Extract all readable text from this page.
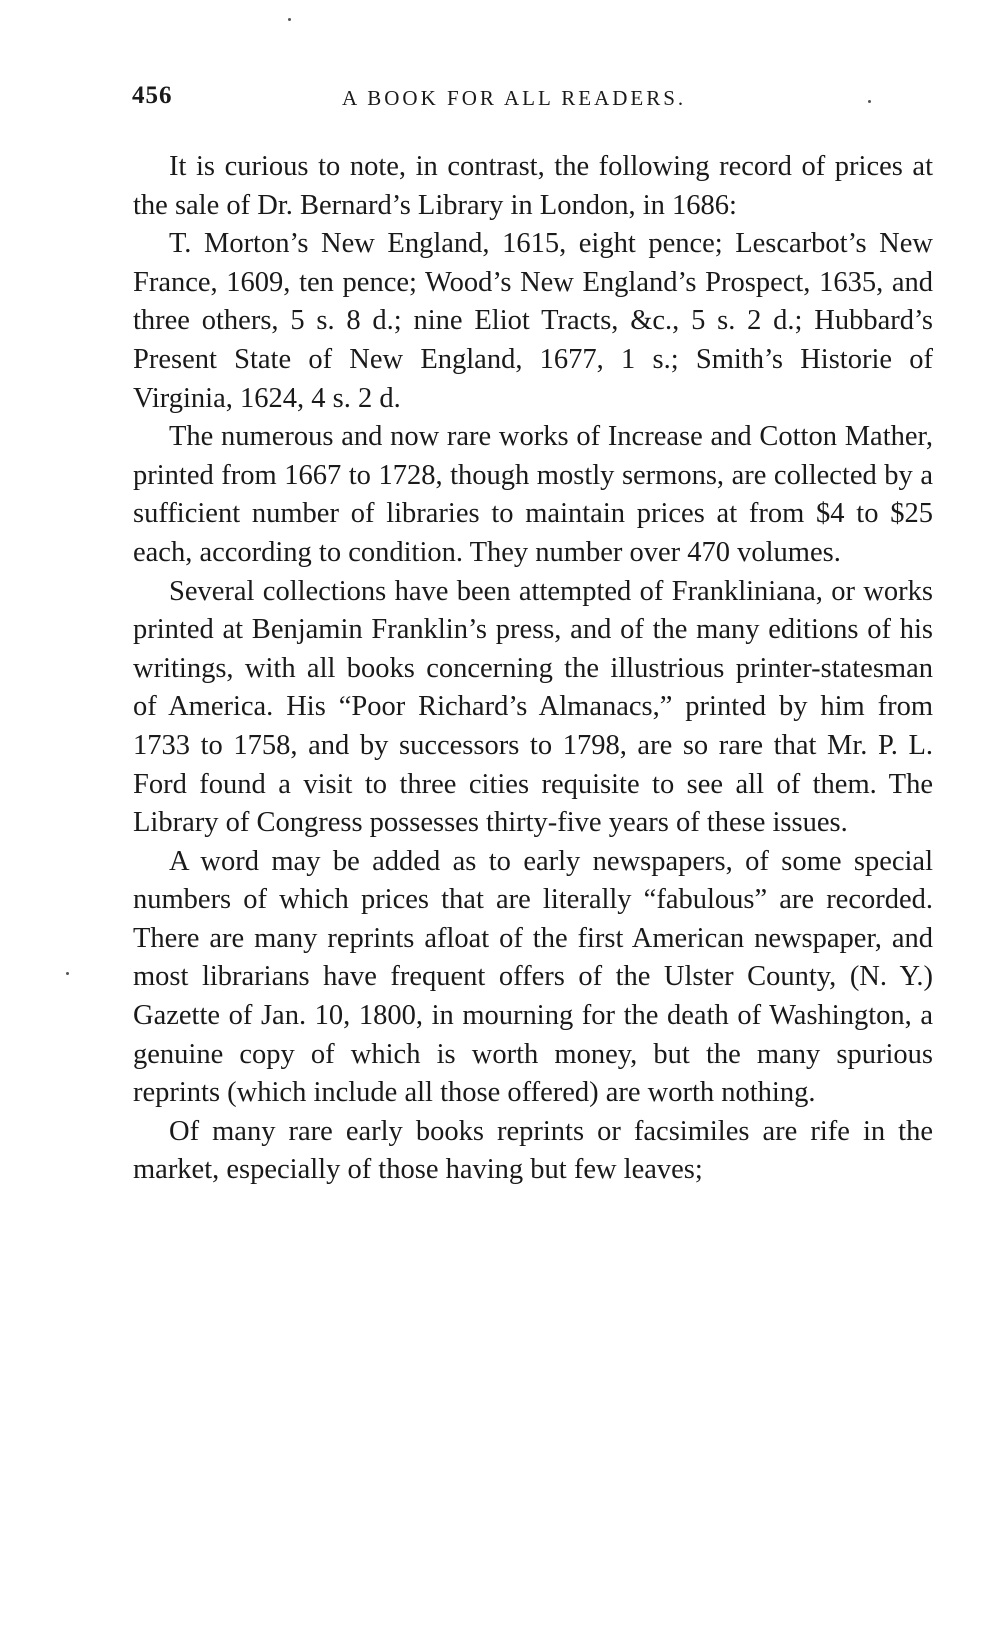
456	A BOOK FOR ALL READERS.

It is curious to note, in contrast, the following record of prices at the sale of Dr. Bernard’s Library in London, in 1686:

T. Morton’s New England, 1615, eight pence; Lescarbot’s New France, 1609, ten pence; Wood’s New England’s Prospect, 1635, and three others, 5 s. 8 d.; nine Eliot Tracts, &c., 5 s. 2 d.; Hubbard’s Present State of New England, 1677, 1 s.; Smith’s Historie of Virginia, 1624, 4 s. 2 d.

The numerous and now rare works of Increase and Cotton Mather, printed from 1667 to 1728, though mostly sermons, are collected by a sufficient number of libraries to maintain prices at from $4 to $25 each, according to condition. They number over 470 volumes.

Several collections have been attempted of Frankliniana, or works printed at Benjamin Franklin’s press, and of the many editions of his writings, with all books concerning the illustrious printer-statesman of America. His “Poor Richard’s Almanacs,” printed by him from 1733 to 1758, and by successors to 1798, are so rare that Mr. P. L. Ford found a visit to three cities requisite to see all of them. The Library of Congress possesses thirty-five years of these issues.

A word may be added as to early newspapers, of some special numbers of which prices that are literally “fabulous” are recorded. There are many reprints afloat of the first American newspaper, and most librarians have frequent offers of the Ulster County, (N. Y.) Gazette of Jan. 10, 1800, in mourning for the death of Washington, a genuine copy of which is worth money, but the many spurious reprints (which include all those offered) are worth nothing.

Of many rare early books reprints or facsimiles are rife in the market, especially of those having but few leaves;
